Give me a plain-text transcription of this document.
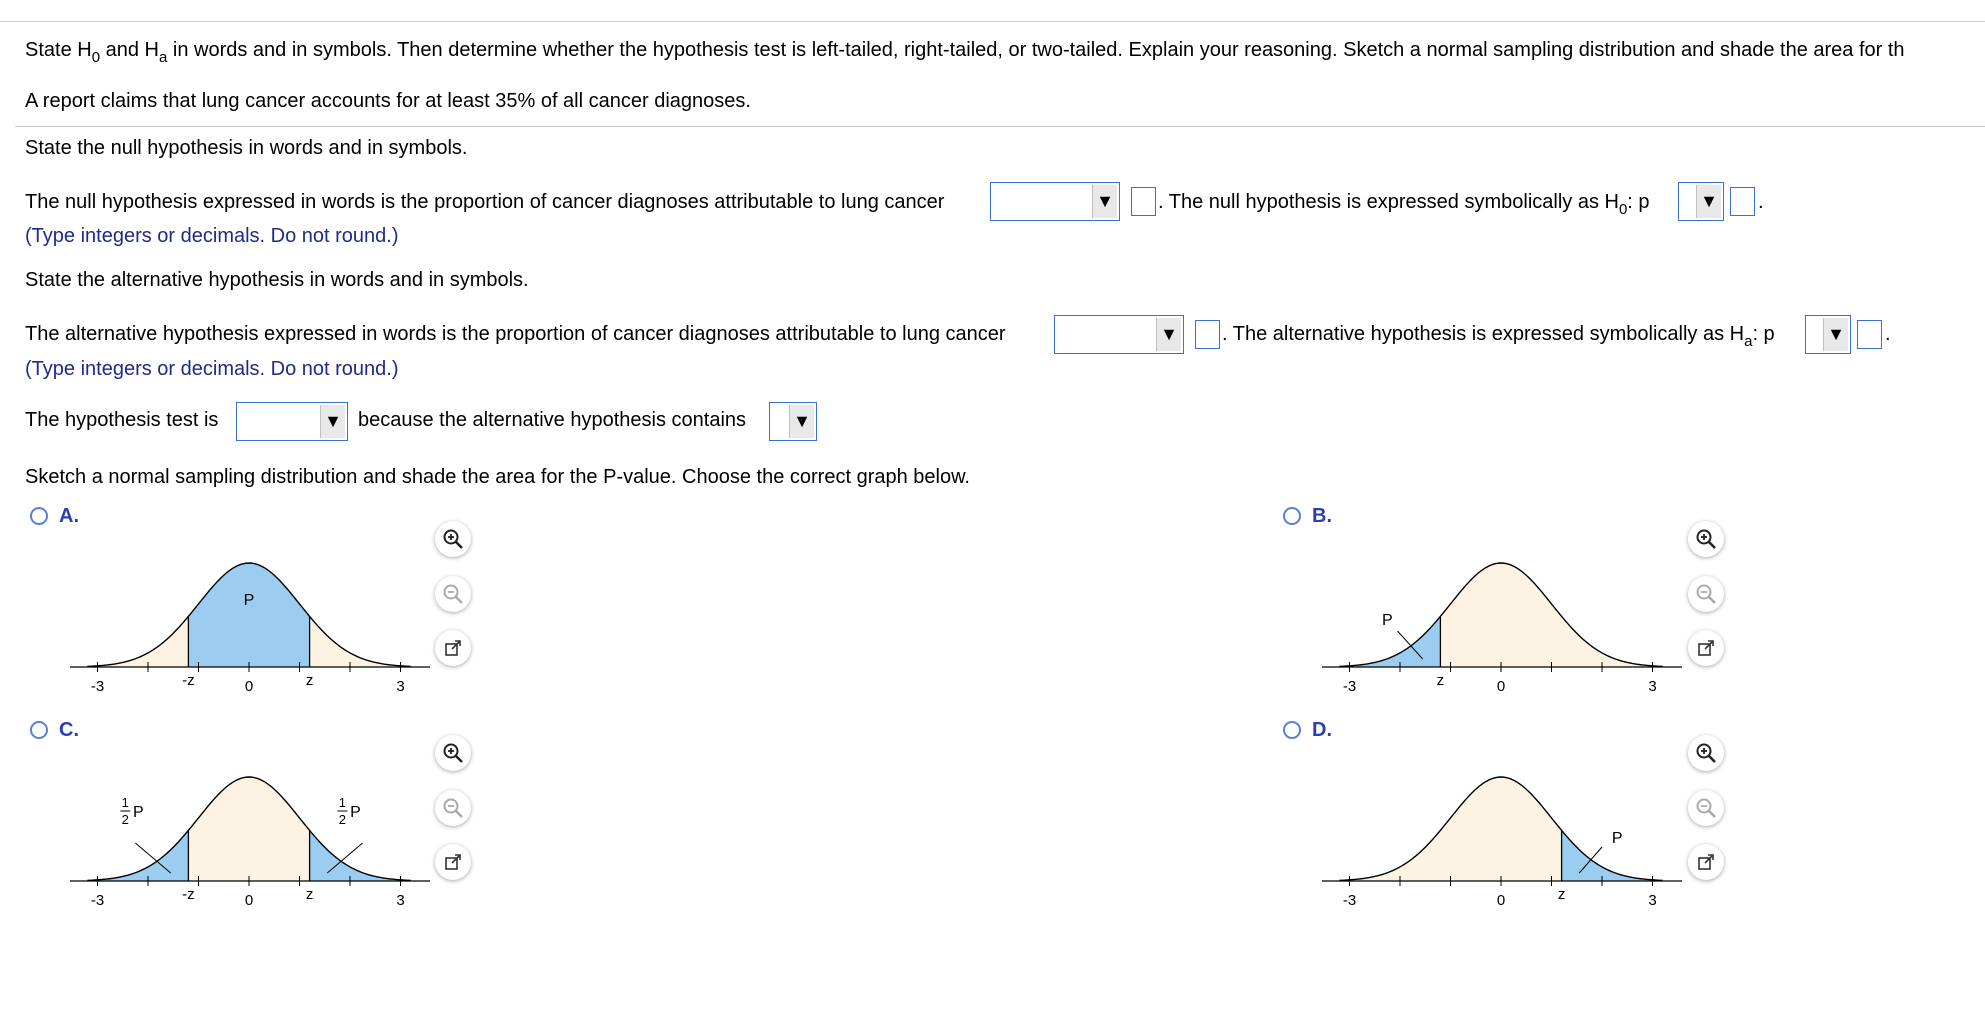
State $H_0$ and $H_a$ in words and in symbols. Then determine whether the hypothesis test is left-tailed, right-tailed, or two-tailed. Explain your reasoning. Sketch a normal sampling distribution and shade the area for th
A report claims that lung cancer accounts for at least 35% of all cancer diagnoses.
State the null hypothesis in words and in symbols.
The null hypothesis expressed in words is the proportion of cancer diagnoses attributable to lung cancer	▼ . The null hypothesis is expressed symbolically as $H_0$: p	▼ .
(Type integers or decimals. Do not round.)
State the alternative hypothesis in words and in symbols.
The alternative hypothesis expressed in words is the proportion of cancer diagnoses attributable to lung cancer	▼ . The alternative hypothesis is expressed symbolically as $H_a$: p	▼ .
(Type integers or decimals. Do not round.)
The hypothesis test is	▼ because the alternative hypothesis contains	▼
Sketch a normal sampling distribution and shade the area for the P-value. Choose the correct graph below.
A.	B.
C.	D.
-3	-z	0	z	3
P
-3	z	0	3
P
-3	-z	0	z	3
1
2 P
1
2 P
-3	0	z	3
P
